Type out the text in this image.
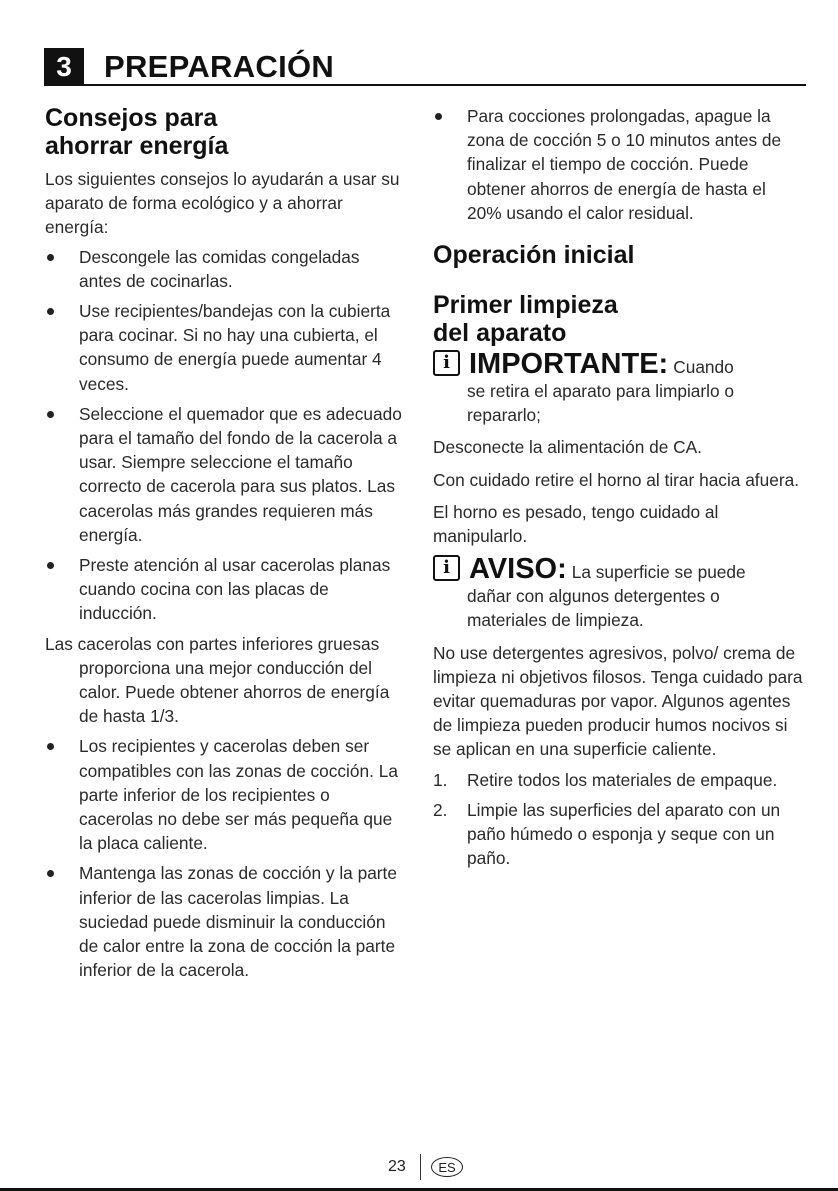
3	PREPARACIÓN
Consejos para
ahorrar energía

Los siguientes consejos lo ayudarán a usar su aparato de forma ecológico y a ahorrar energía:

Descongele las comidas congeladas antes de cocinarlas.
Use recipientes/bandejas con la cubierta para cocinar. Si no hay una cubierta, el consumo de energía puede aumentar 4 veces.
Seleccione el quemador que es adecuado para el tamaño del fondo de la cacerola a usar. Siempre seleccione el tamaño correcto de cacerola para sus platos. Las cacerolas más grandes requieren más energía.
Preste atención al usar cacerolas planas cuando cocina con las placas de inducción.

Las cacerolas con partes inferiores gruesas proporciona una mejor conducción del calor. Puede obtener ahorros de energía de hasta 1/3.

Los recipientes y cacerolas deben ser compatibles con las zonas de cocción. La parte inferior de los recipientes o cacerolas no debe ser más pequeña que la placa caliente.
Mantenga las zonas de cocción y la parte inferior de las cacerolas limpias. La suciedad puede disminuir la conducción de calor entre la zona de cocción la parte inferior de la cacerola.
Para cocciones prolongadas, apague la zona de cocción 5 o 10 minutos antes de finalizar el tiempo de cocción. Puede obtener ahorros de energía de hasta el 20% usando el calor residual.
Operación inicial
Primer limpieza
del aparato
i IMPORTANTE: Cuando
se retira el aparato para limpiarlo o repararlo;

Desconecte la alimentación de CA.

Con cuidado retire el horno al tirar hacia afuera.

El horno es pesado, tengo cuidado al manipularlo.

i AVISO: La superficie se puede
dañar con algunos detergentes o materiales de limpieza.

No use detergentes agresivos, polvo/ crema de limpieza ni objetivos filosos. Tenga cuidado para evitar quemaduras por vapor. Algunos agentes de limpieza pueden producir humos nocivos si se aplican en una superficie caliente.

1. Retire todos los materiales de empaque.
2. Limpie las superficies del aparato con un paño húmedo o esponja y seque con un paño.
23	ES
